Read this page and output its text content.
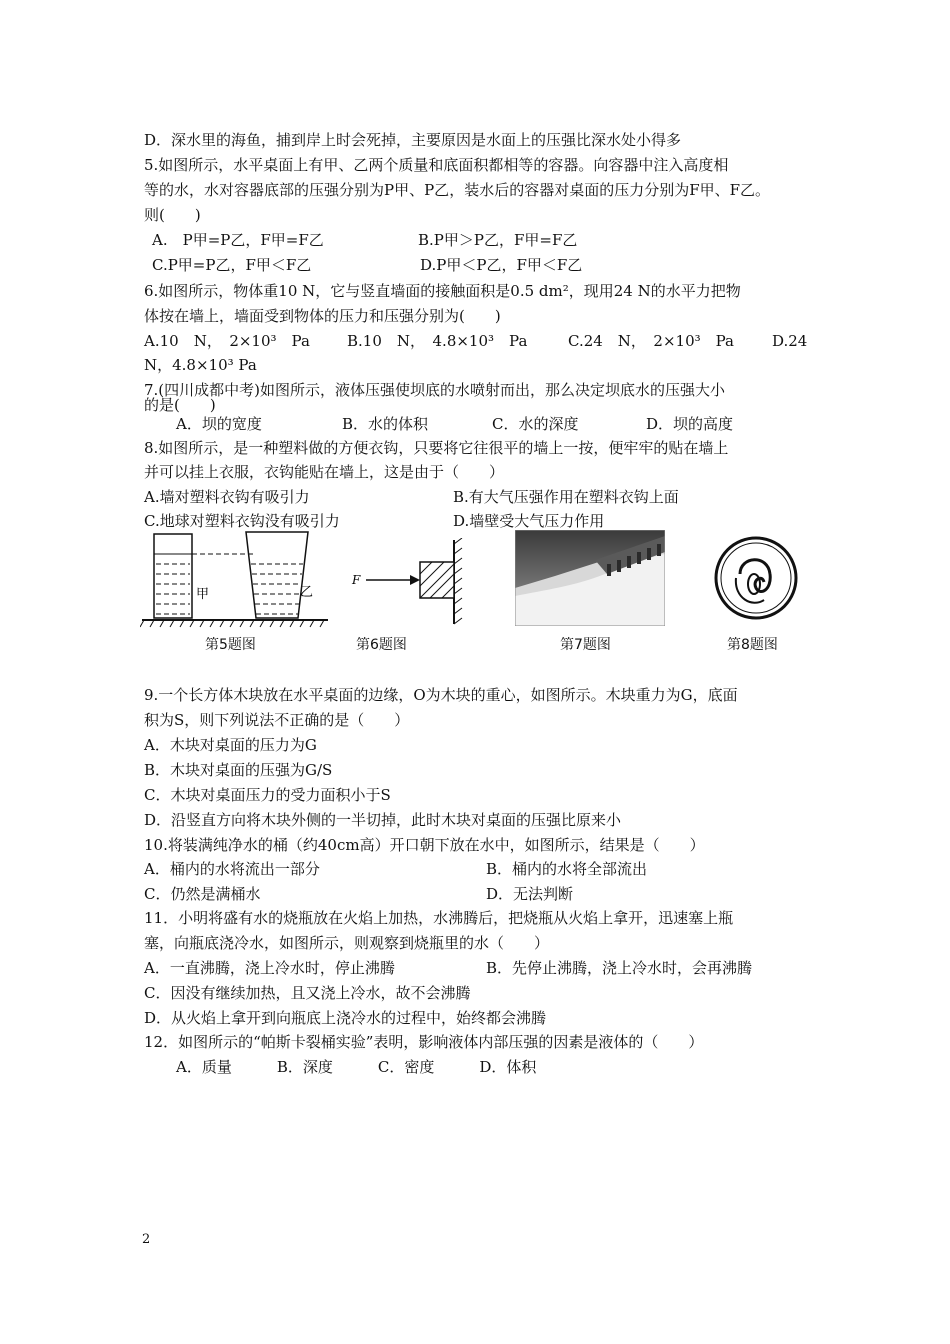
D．深水里的海鱼，捕到岸上时会死掉，主要原因是水面上的压强比深水处小得多
5.如图所示，水平桌面上有甲、乙两个质量和底面积都相等的容器。向容器中注入高度相
等的水，水对容器底部的压强分别为P甲、P乙，装水后的容器对桌面的压力分别为F甲、F乙。
则(　　)
A.　P甲=P乙，F甲=F乙	B.P甲＞P乙，F甲=F乙
C.P甲=P乙，F甲＜F乙	D.P甲＜P乙，F甲＜F乙
6.如图所示，物体重10 N，它与竖直墙面的接触面积是0.5 dm²，现用24 N的水平力把物
体按在墙上，墙面受到物体的压力和压强分别为(　　)
A.10　N，　2×10³　Pa B.10　N，　4.8×10³　Pa	C.24　N，　2×10³　Pa	D.24
N，4.8×10³ Pa
7.(四川成都中考)如图所示，液体压强使坝底的水喷射而出，那么决定坝底水的压强大小
的是(　　)
A．坝的宽度	B．水的体积	C．水的深度	D．坝的高度
8.如图所示，是一种塑料做的方便衣钩，只要将它往很平的墙上一按，便牢牢的贴在墙上
并可以挂上衣服，衣钩能贴在墙上，这是由于（　　）
A.墙对塑料衣钩有吸引力	B.有大气压强作用在塑料衣钩上面
C.地球对塑料衣钩没有吸引力	D.墙壁受大气压力作用
甲	乙
F
第5题图	第6题图	第7题图	第8题图
9.一个长方体木块放在水平桌面的边缘，O为木块的重心，如图所示。木块重力为G，底面
积为S，则下列说法不正确的是（　　）
A．木块对桌面的压力为G
B．木块对桌面的压强为G/S
C．木块对桌面压力的受力面积小于S
D．沿竖直方向将木块外侧的一半切掉，此时木块对桌面的压强比原来小
10.将装满纯净水的桶（约40cm高）开口朝下放在水中，如图所示，结果是（　　）
A．桶内的水将流出一部分	B．桶内的水将全部流出
C．仍然是满桶水	D．无法判断
11．小明将盛有水的烧瓶放在火焰上加热，水沸腾后，把烧瓶从火焰上拿开，迅速塞上瓶
塞，向瓶底浇冷水，如图所示，则观察到烧瓶里的水（　　）
A．一直沸腾，浇上冷水时，停止沸腾	B．先停止沸腾，浇上冷水时，会再沸腾
C．因没有继续加热，且又浇上冷水，故不会沸腾
D．从火焰上拿开到向瓶底上浇冷水的过程中，始终都会沸腾
12．如图所示的“帕斯卡裂桶实验”表明，影响液体内部压强的因素是液体的（　　）
A．质量　　　B．深度　　　C．密度　　　D．体积
2
